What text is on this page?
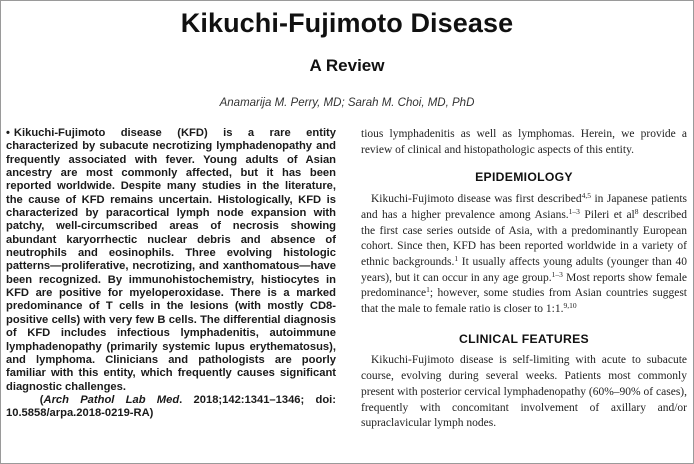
Kikuchi-Fujimoto Disease
A Review
Anamarija M. Perry, MD; Sarah M. Choi, MD, PhD

• Kikuchi-Fujimoto disease (KFD) is a rare entity characterized by subacute necrotizing lymphadenopathy and frequently associated with fever. Young adults of Asian ancestry are most commonly affected, but it has been reported worldwide. Despite many studies in the literature, the cause of KFD remains uncertain. Histologically, KFD is characterized by paracortical lymph node expansion with patchy, well-circumscribed areas of necrosis showing abundant karyorrhectic nuclear debris and absence of neutrophils and eosinophils. Three evolving histologic patterns—proliferative, necrotizing, and xanthomatous—have been recognized. By immunohistochemistry, histiocytes in KFD are positive for myeloperoxidase. There is a marked predominance of T cells in the lesions (with mostly CD8-positive cells) with very few B cells. The differential diagnosis of KFD includes infectious lymphadenitis, autoimmune lymphadenopathy (primarily systemic lupus erythematosus), and lymphoma. Clinicians and pathologists are poorly familiar with this entity, which frequently causes significant diagnostic challenges.
(Arch Pathol Lab Med. 2018;142:1341–1346; doi: 10.5858/arpa.2018-0219-RA)

tious lymphadenitis as well as lymphomas. Herein, we provide a review of clinical and histopathologic aspects of this entity.

EPIDEMIOLOGY

Kikuchi-Fujimoto disease was first described$^{4,5}$ in Japanese patients and has a higher prevalence among Asians.$^{1-3}$ Pileri et $al^8$ described the first case series outside of Asia, with a predominantly European cohort. Since then, KFD has been reported worldwide in a variety of ethnic backgrounds.$^1$ It usually affects young adults (younger than 40 years), but it can occur in any age group.$^{1-3}$ Most reports show female predominance$^1$; however, some studies from Asian countries suggest that the male to female ratio is closer to 1:1.$^{9,10}$

CLINICAL FEATURES

Kikuchi-Fujimoto disease is self-limiting with acute to subacute course, evolving during several weeks. Patients most commonly present with posterior cervical lymphadenopathy (60%–90% of cases), frequently with concomitant involvement of axillary and/or supraclavicular lymph nodes.
